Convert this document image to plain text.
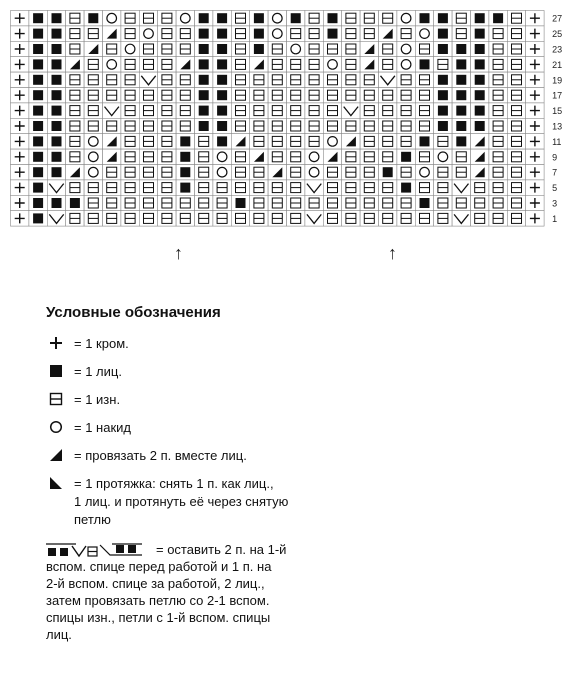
27
25
23
21
19
17
15
13
11
9
7
5
3
1
↑	↑
Условные обозначения
= 1 кром.
= 1 лиц.
= 1 изн.
= 1 накид
= провязать 2 п. вместе лиц.
= 1 протяжка: снять 1 п. как лиц.,
1 лиц. и протянуть её через снятую
петлю
= оставить 2 п. на 1-й
вспом. спице перед работой и 1 п. на
2-й вспом. спице за работой, 2 лиц.,
затем провязать петлю со 2-1 вспом.
спицы изн., петли с 1-й вспом. спицы
лиц.
